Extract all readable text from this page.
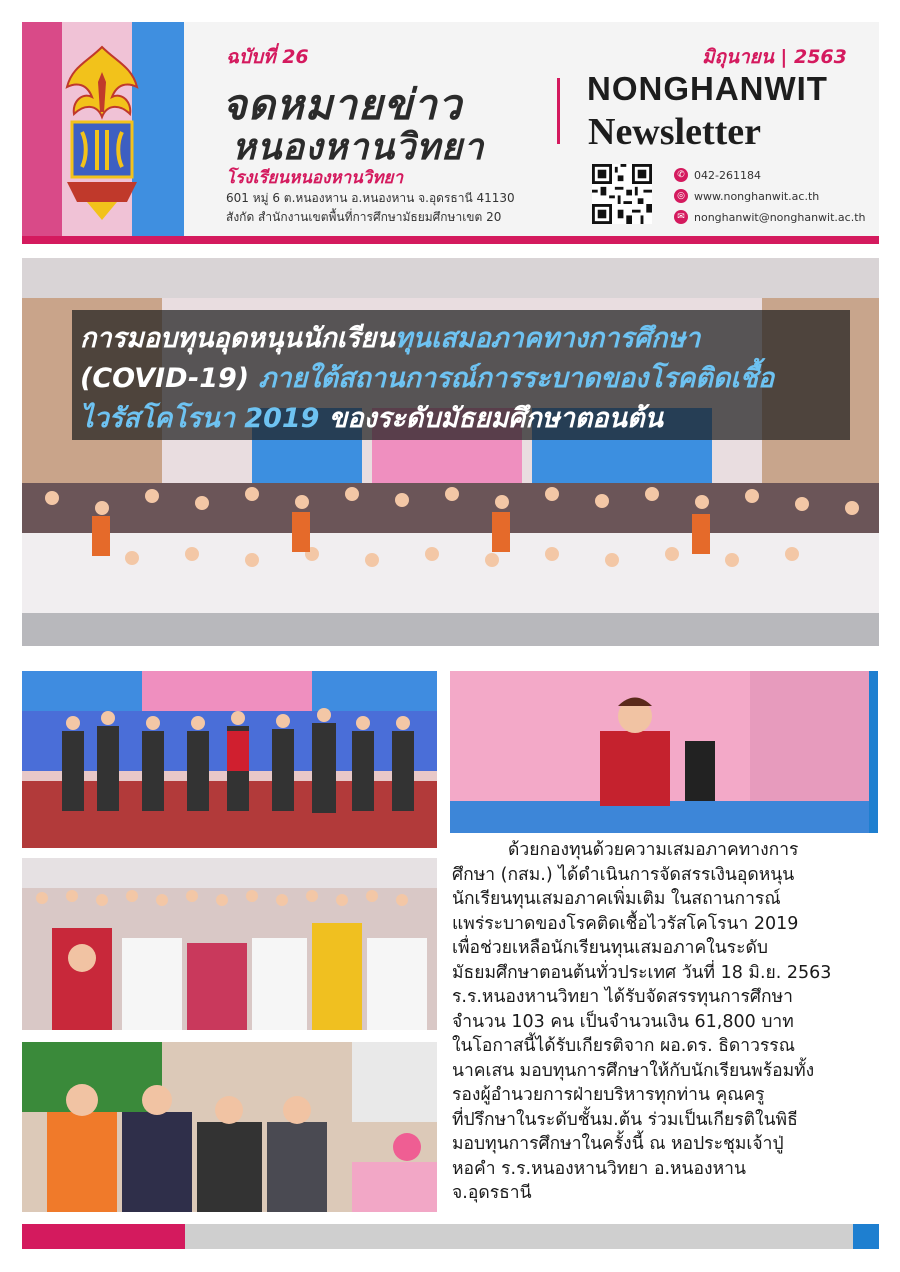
ฉบับที่ 26
จดหมายข่าว
หนองหานวิทยา
โรงเรียนหนองหานวิทยา
601 หมู่ 6 ต.หนองหาน อ.หนองหาน จ.อุดรธานี 41130
สังกัด สำนักงานเขตพื้นที่การศึกษามัธยมศึกษาเขต 20
มิถุนายน | 2563
NONGHANWIT
Newsletter
✆ 042-261184
◎ www.nonghanwit.ac.th
✉ nonghanwit@nonghanwit.ac.th
การมอบทุนอุดหนุนนักเรียนทุนเสมอภาคทางการศึกษา
(COVID-19) ภายใต้สถานการณ์การระบาดของโรคติดเชื้อ
ไวรัสโคโรนา 2019 ของระดับมัธยมศึกษาตอนต้น

ด้วยกองทุนด้วยความเสมอภาคทางการ
ศึกษา (กสม.) ได้ดำเนินการจัดสรรเงินอุดหนุน
นักเรียนทุนเสมอภาคเพิ่มเติม ในสถานการณ์
แพร่ระบาดของโรคติดเชื้อไวรัสโคโรนา 2019
เพื่อช่วยเหลือนักเรียนทุนเสมอภาคในระดับ
มัธยมศึกษาตอนต้นทั่วประเทศ วันที่ 18 มิ.ย. 2563
ร.ร.หนองหานวิทยา ได้รับจัดสรรทุนการศึกษา
จำนวน 103 คน เป็นจำนวนเงิน 61,800 บาท
ในโอกาสนี้ได้รับเกียรติจาก ผอ.ดร. ธิดาวรรณ
นาคเสน มอบทุนการศึกษาให้กับนักเรียนพร้อมทั้ง
รองผู้อำนวยการฝ่ายบริหารทุกท่าน คุณครู
ที่ปรึกษาในระดับชั้นม.ต้น ร่วมเป็นเกียรติในพิธี
มอบทุนการศึกษาในครั้งนี้ ณ หอประชุมเจ้าปู่
หอคำ ร.ร.หนองหานวิทยา อ.หนองหาน
จ.อุดรธานี
